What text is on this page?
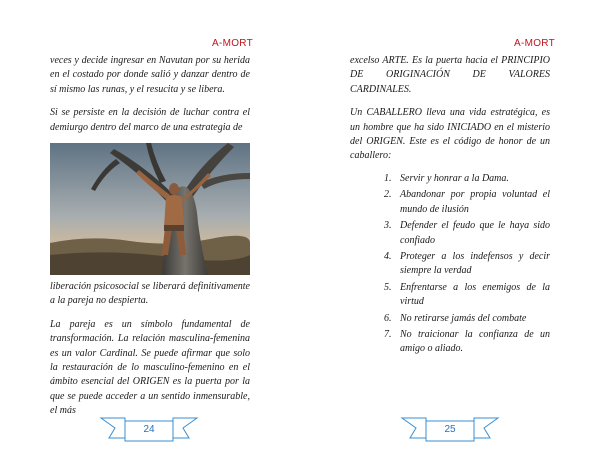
A-MORT

veces y decide ingresar en Navutan por su herida en el costado por donde salió y danzar dentro de sí mismo las runas, y el resucita y se libera.

Si se persiste en la decisión de luchar contra el demiurgo dentro del marco de una estrategia de

liberación psicosocial se liberará definitivamente a la pareja no despierta.

La pareja es un símbolo fundamental de transformación. La relación masculina-femenina es un valor Cardinal. Se puede afirmar que solo la restauración de lo masculino-femenino en el ámbito esencial del ORIGEN es la puerta por la que se puede acceder a un sentido inmensurable, el más

24
A-MORT

excelso ARTE. Es la puerta hacia el PRINCIPIO DE ORIGINACIÓN DE VALORES CARDINALES.

Un CABALLERO lleva una vida estratégica, es un hombre que ha sido INICIADO en el misterio del ORIGEN. Este es el código de honor de un caballero:

1. Servir y honrar a la Dama.
2. Abandonar por propia voluntad el mundo de ilusión
3. Defender el feudo que le haya sido confiado
4. Proteger a los indefensos y decir siempre la verdad
5. Enfrentarse a los enemigos de la virtud
6. No retirarse jamás del combate
7. No traicionar la confianza de un amigo o aliado.
25
